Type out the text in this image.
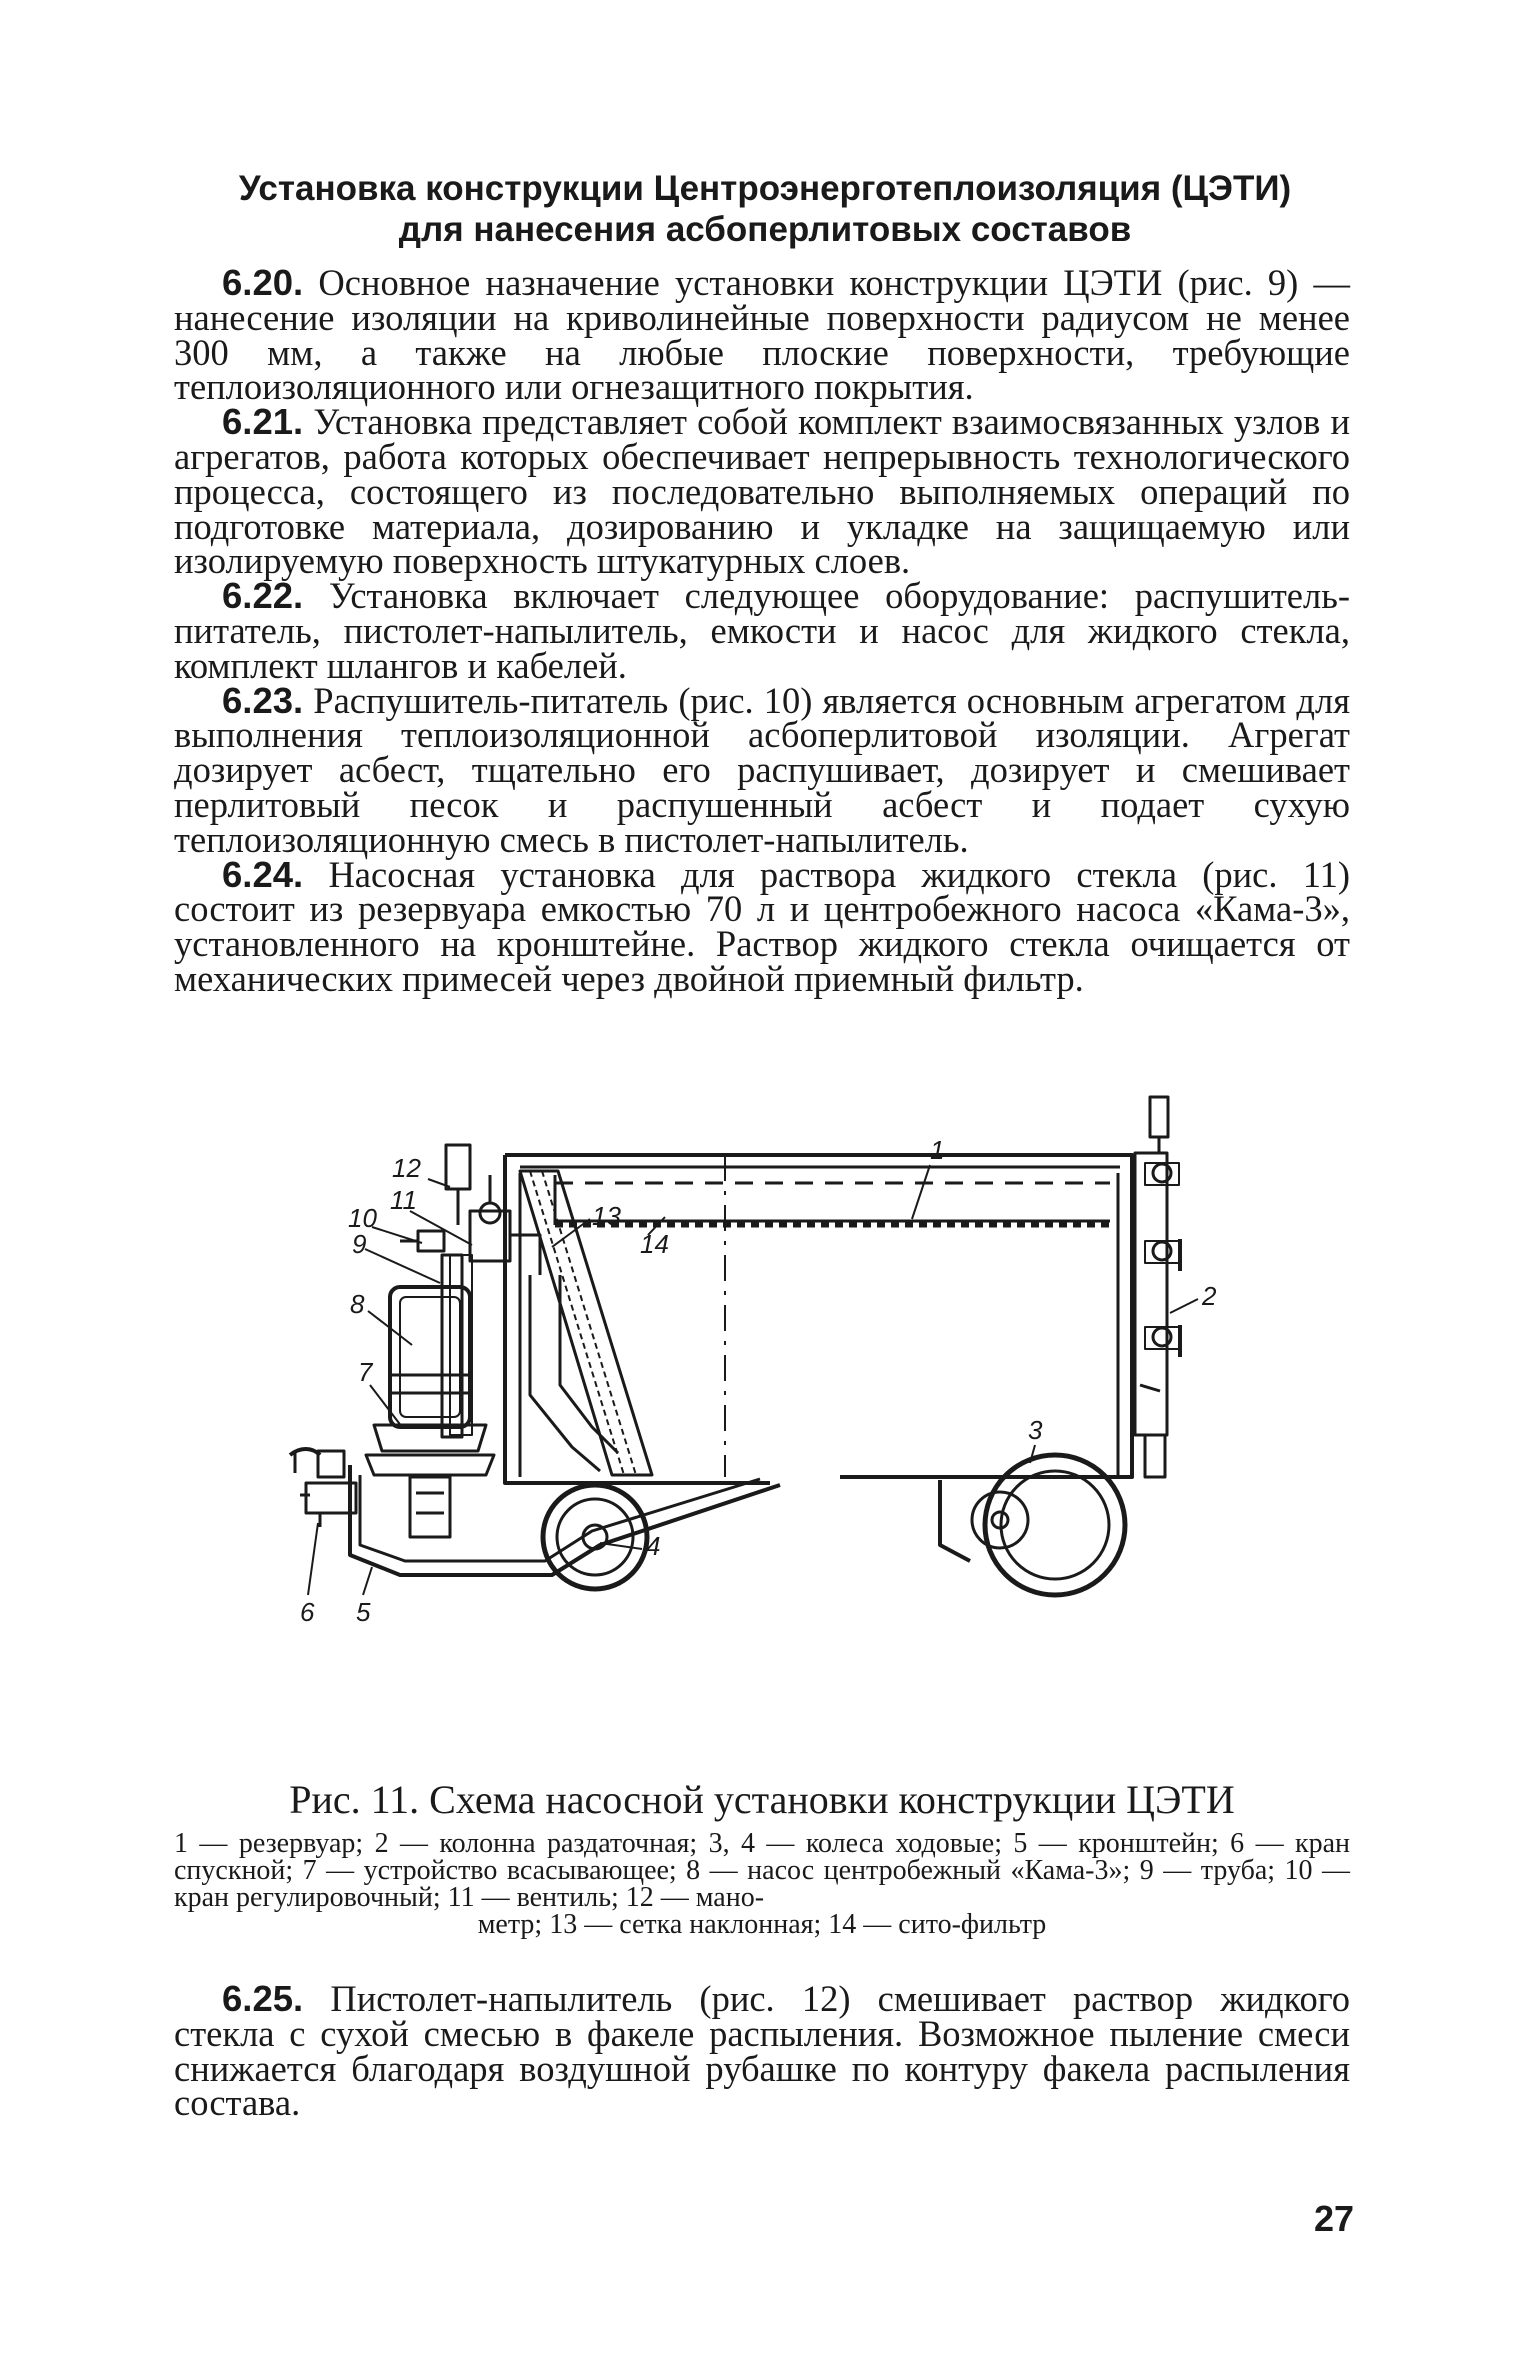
Установка конструкции Центроэнерготеплоизоляция (ЦЭТИ)
для нанесения асбоперлитовых составов

6.20. Основное назначение установки конструкции ЦЭТИ (рис. 9) — нанесение изоляции на криволинейные поверхности радиусом не менее 300 мм, а также на любые плоские поверхности, требующие теплоизоляционного или огнезащитного покрытия.

6.21. Установка представляет собой комплект взаимосвязанных узлов и агрегатов, работа которых обеспечивает непрерывность технологического процесса, состоящего из последовательно выполняемых операций по подготовке материала, дозированию и укладке на защищаемую или изолируемую поверхность штукатурных слоев.

6.22. Установка включает следующее оборудование: распушитель-питатель, пистолет-напылитель, емкости и насос для жидкого стекла, комплект шлангов и кабелей.

6.23. Распушитель-питатель (рис. 10) является основным агрегатом для выполнения теплоизоляционной асбоперлитовой изоляции. Агрегат дозирует асбест, тщательно его распушивает, дозирует и смешивает перлитовый песок и распушенный асбест и подает сухую теплоизоляционную смесь в пистолет-напылитель.

6.24. Насосная установка для раствора жидкого стекла (рис. 11) состоит из резервуара емкостью 70 л и центробежного насоса «Кама-3», установленного на кронштейне. Раствор жидкого стекла очищается от механических примесей через двойной приемный фильтр.

1
2
3
4
5
6
7
8
9
10
11
12
13
14
Рис. 11. Схема насосной установки конструкции ЦЭТИ
1 — резервуар; 2 — колонна раздаточная; 3, 4 — колеса ходовые; 5 — кронштейн; 6 — кран спускной; 7 — устройство всасывающее; 8 — насос центробежный «Кама-3»; 9 — труба; 10 — кран регулировочный; 11 — вентиль; 12 — мано-
метр; 13 — сетка наклонная; 14 — сито-фильтр

6.25. Пистолет-напылитель (рис. 12) смешивает раствор жидкого стекла с сухой смесью в факеле распыления. Возможное пыление смеси снижается благодаря воздушной рубашке по контуру факела распыления состава.

27
